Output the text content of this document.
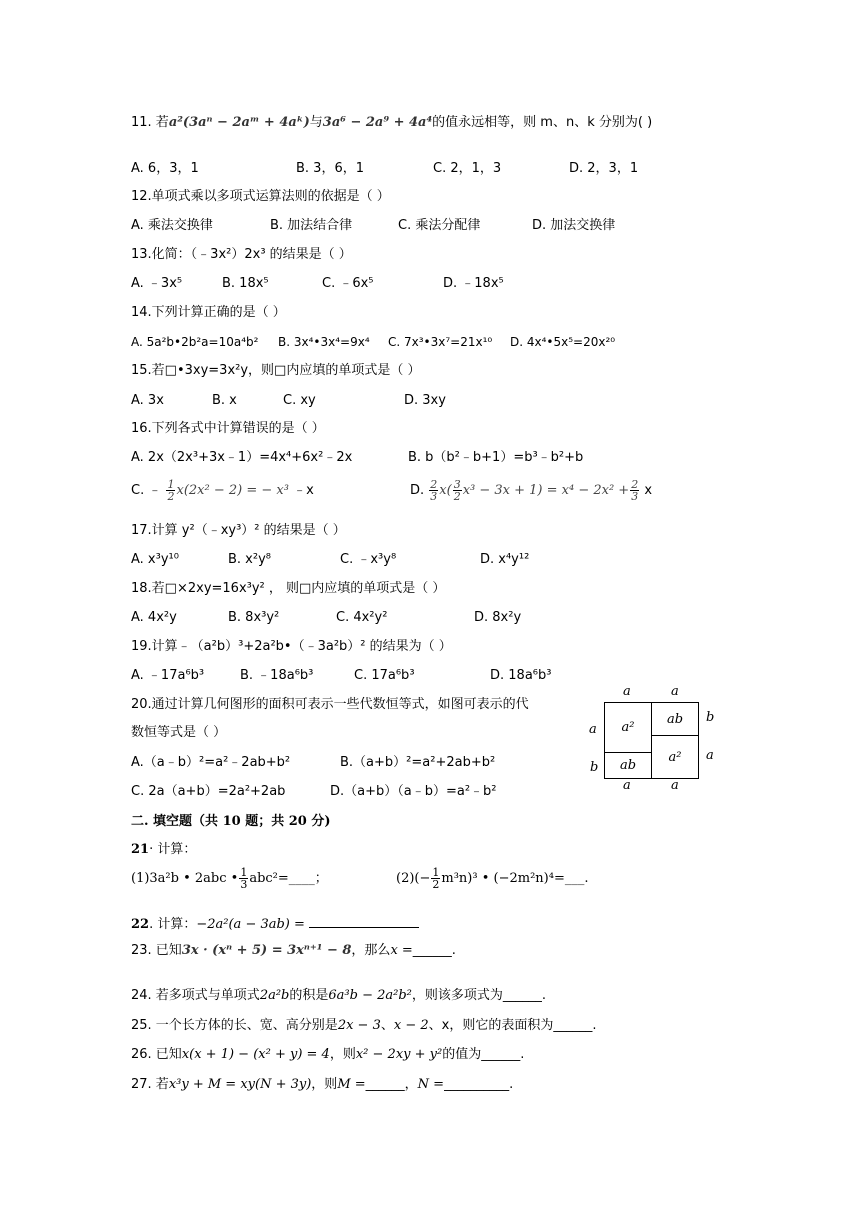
11. 若a²(3aⁿ − 2aᵐ + 4aᵏ)与3a⁶ − 2a⁹ + 4a⁴的值永远相等，则 m、n、k 分别为( )
A. 6，3，1	B. 3，6，1	C. 2，1，3	D. 2，3，1
12.单项式乘以多项式运算法则的依据是（ ）
A. 乘法交换律	B. 加法结合律	C. 乘法分配律	D. 加法交换律
13.化简：（﹣3x²）2x³ 的结果是（ ）
A. ﹣3x⁵	B. 18x⁵	C. ﹣6x⁵	D. ﹣18x⁵
14.下列计算正确的是（ ）
A. 5a²b•2b²a=10a⁴b² B. 3x⁴•3x⁴=9x⁴ C. 7x³•3x⁷=21x¹⁰ D. 4x⁴•5x⁵=20x²⁰
15.若□•3xy=3x²y，则□内应填的单项式是（ ）
A. 3x	B. x	C. xy	D. 3xy
16.下列各式中计算错误的是（ ）
A. 2x（2x³+3x﹣1）=4x⁴+6x²﹣2x	B. b（b²﹣b+1）=b³﹣b²+b
C. ﹣ $\frac{1}{2} x(2x^2 - 2)$ = − x³ ﹣x	D. $\frac{2}{3} x( \frac{3}{2} x^3 - 3x + 1) = x^4 - 2x^2 + \frac{2}{3}$ x
17.计算 y²（﹣xy³）² 的结果是（ ）
A. x³y¹⁰	B. x²y⁸	C. ﹣x³y⁸	D. x⁴y¹²
18.若□×2xy=16x³y² ， 则□内应填的单项式是（ ）
A. 4x²y	B. 8x³y²	C. 4x²y²	D. 8x²y
19.计算﹣（a²b）³+2a²b•（﹣3a²b）² 的结果为（ ）
A. ﹣17a⁶b³	B. ﹣18a⁶b³	C. 17a⁶b³	D. 18a⁶b³
20.通过计算几何图形的面积可表示一些代数恒等式，如图可表示的代
数恒等式是（ ）
A.（a﹣b）²=a²﹣2ab+b²	B.（a+b）²=a²+2ab+b²
C. 2a（a+b）=2a²+2ab	D.（a+b）（a﹣b）=a²﹣b²
a	a
a
b
b
a
a	a
a²
ab
ab
a²
二. 填空题（共 10 题；共 20 分)
21· 计算：
(1)3a²b • 2abc • $\frac{1}{3}$ abc²=____；	$(2)(- \frac{1}{2} m^3n)^3$ • (−2m²n)⁴=___.
22. 计算：−2a²(a − 3ab) =
23. 已知3x · (xⁿ + 5) = 3xⁿ⁺¹ − 8，那么x =______.
24. 若多项式与单项式2a²b的积是6a³b − 2a²b²，则该多项式为______.
25. 一个长方体的长、宽、高分别是2x − 3、x − 2、x，则它的表面积为______.
26. 已知x(x + 1) − (x² + y) = 4，则x² − 2xy + y²的值为______.
27. 若x³y + M = xy(N + 3y)，则M =______，N =__________.
